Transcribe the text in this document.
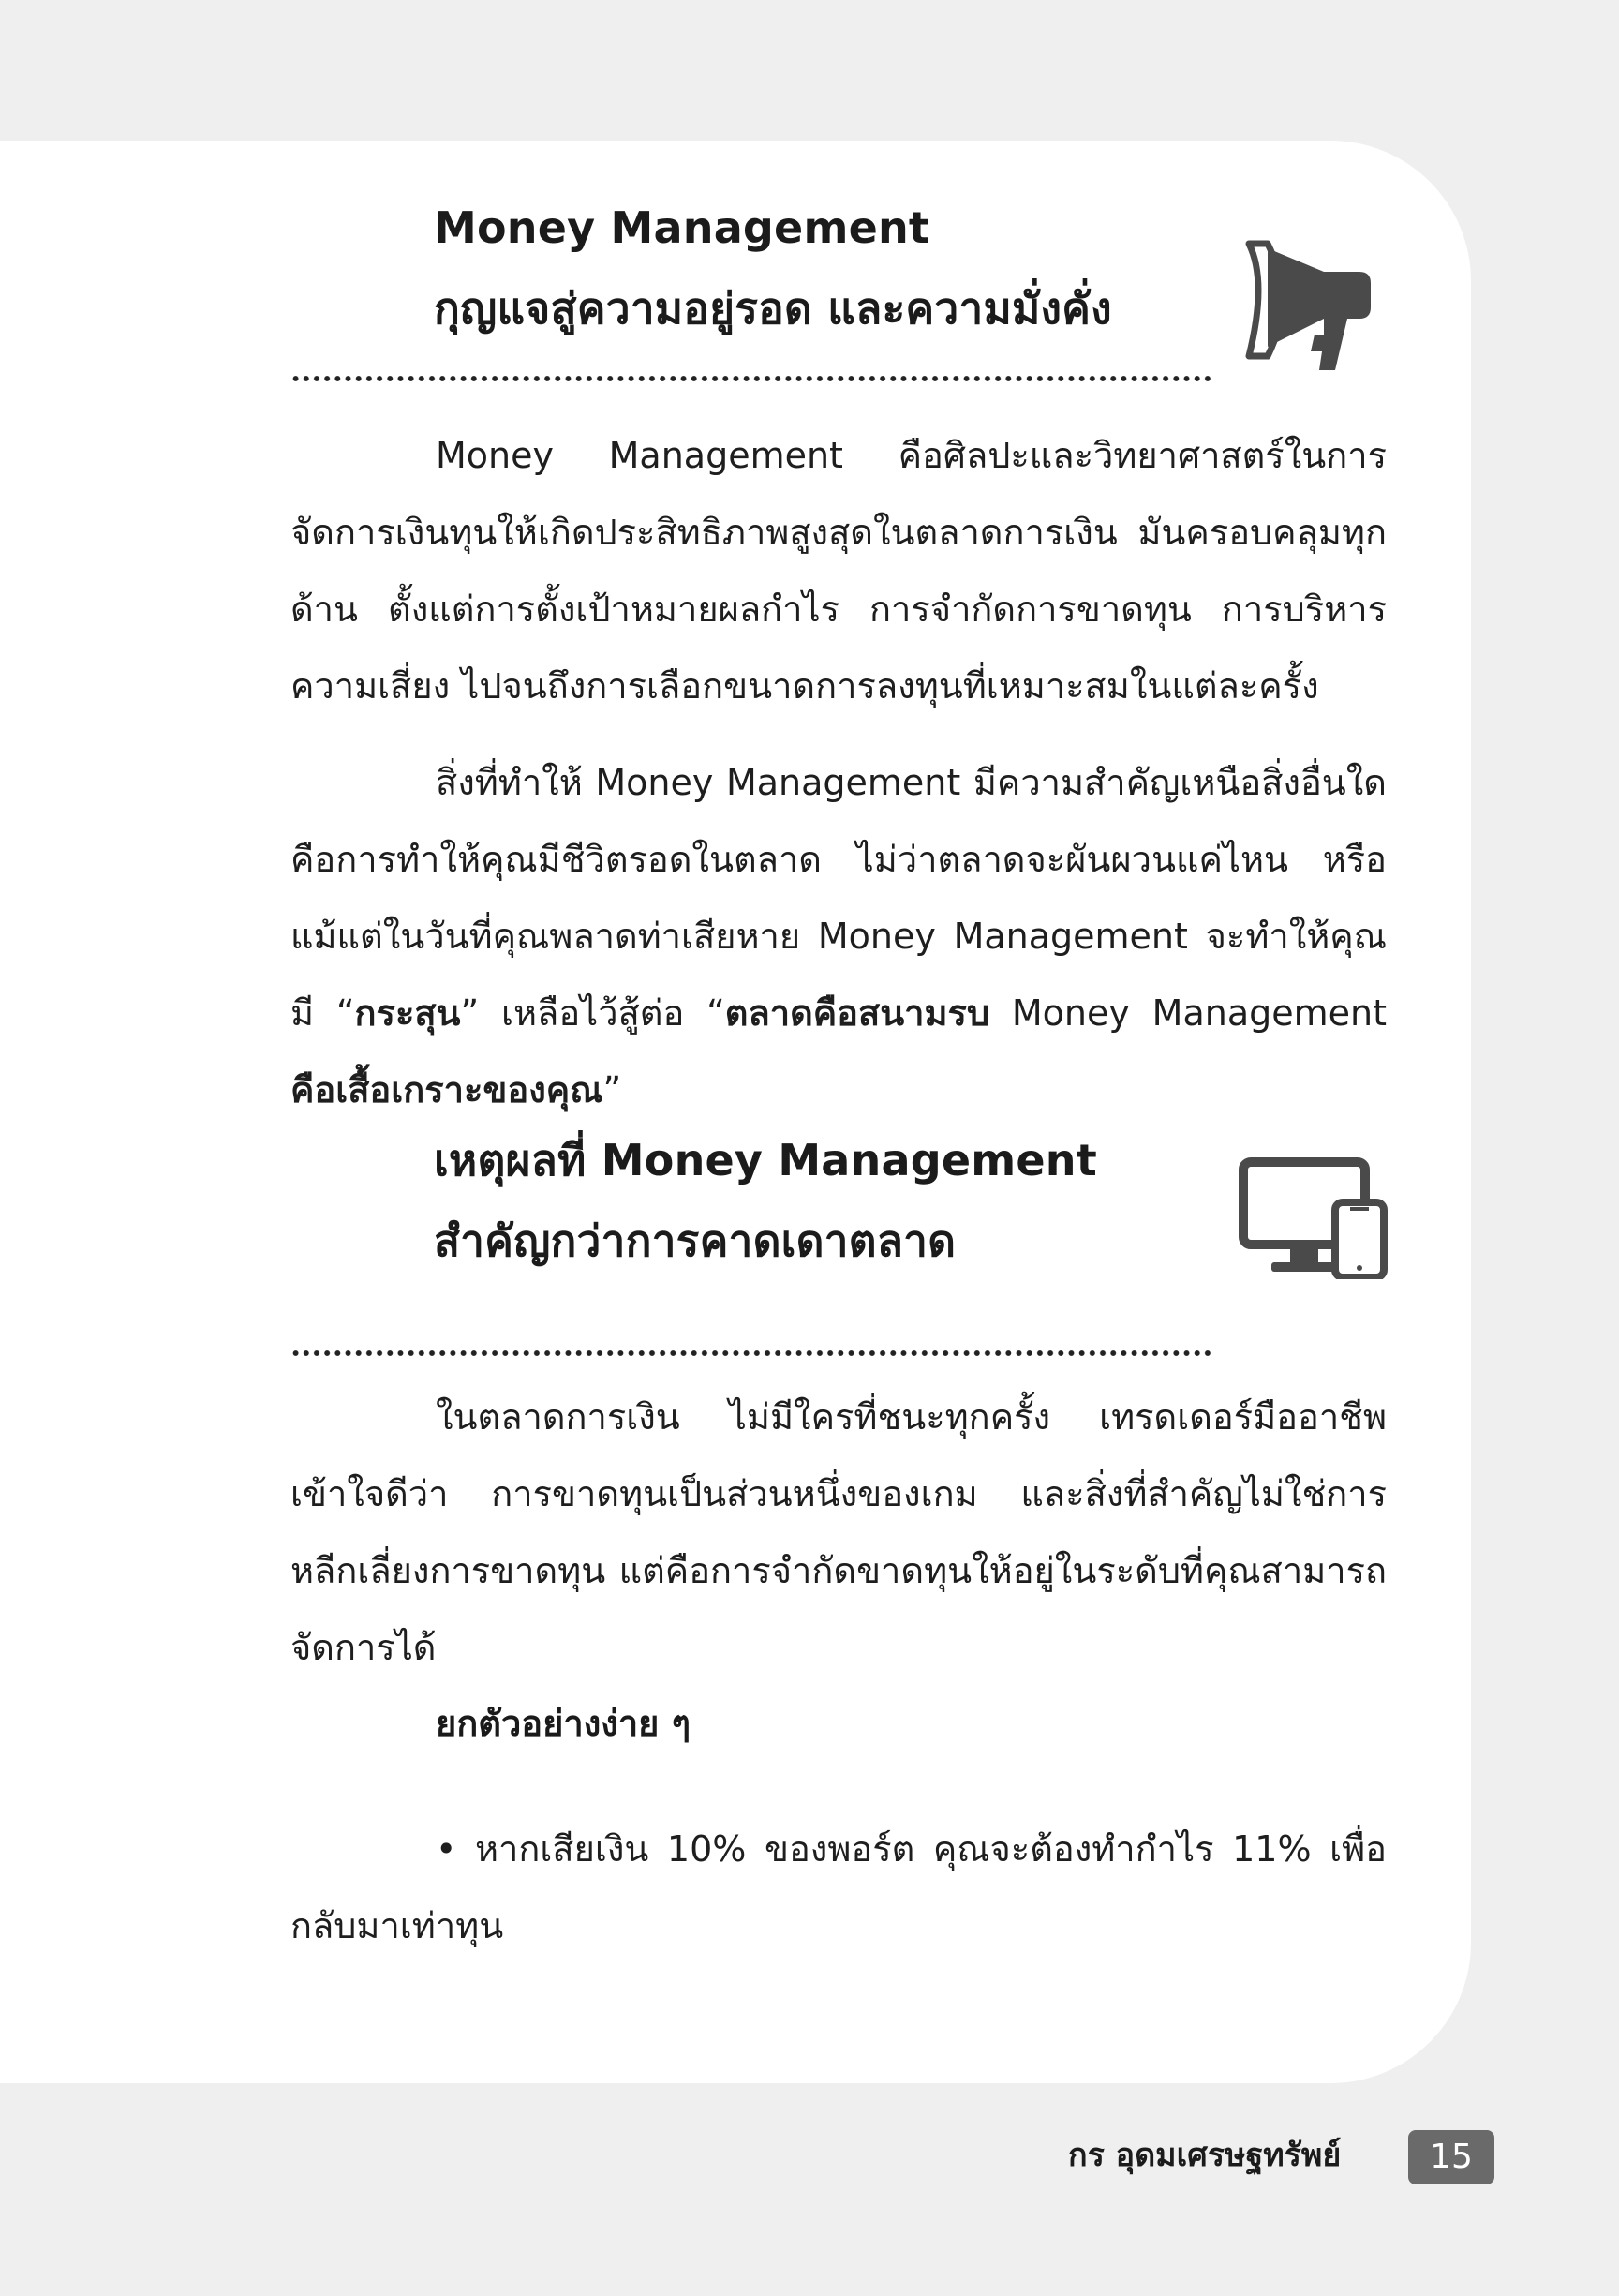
Money Management
กุญแจสู่ความอยู่รอด และความมั่งคั่ง

Money Management คือศิลปะและวิทยาศาสตร์ในการจัดการเงินทุนให้เกิดประสิทธิภาพสูงสุดในตลาดการเงิน มันครอบคลุมทุกด้าน ตั้งแต่การตั้งเป้าหมายผลกำไร การจำกัดการขาดทุน การบริหารความเสี่ยง ไปจนถึงการเลือกขนาดการลงทุนที่เหมาะสมในแต่ละครั้ง

สิ่งที่ทำให้ Money Management มีความสำคัญเหนือสิ่งอื่นใด คือการทำให้คุณมีชีวิตรอดในตลาด ไม่ว่าตลาดจะผันผวนแค่ไหน หรือแม้แต่ในวันที่คุณพลาดท่าเสียหาย Money Management จะทำให้คุณมี “กระสุน” เหลือไว้สู้ต่อ “ตลาดคือสนามรบ Money Management คือเสื้อเกราะของคุณ”

เหตุผลที่ Money Management
สำคัญกว่าการคาดเดาตลาด

ในตลาดการเงิน ไม่มีใครที่ชนะทุกครั้ง เทรดเดอร์มืออาชีพเข้าใจดีว่า การขาดทุนเป็นส่วนหนึ่งของเกม และสิ่งที่สำคัญไม่ใช่การหลีกเลี่ยงการขาดทุน แต่คือการจำกัดขาดทุนให้อยู่ในระดับที่คุณสามารถจัดการได้

ยกตัวอย่างง่าย ๆ

• หากเสียเงิน 10% ของพอร์ต คุณจะต้องทำกำไร 11% เพื่อกลับมาเท่าทุน

กร อุดมเศรษฐทรัพย์	15
